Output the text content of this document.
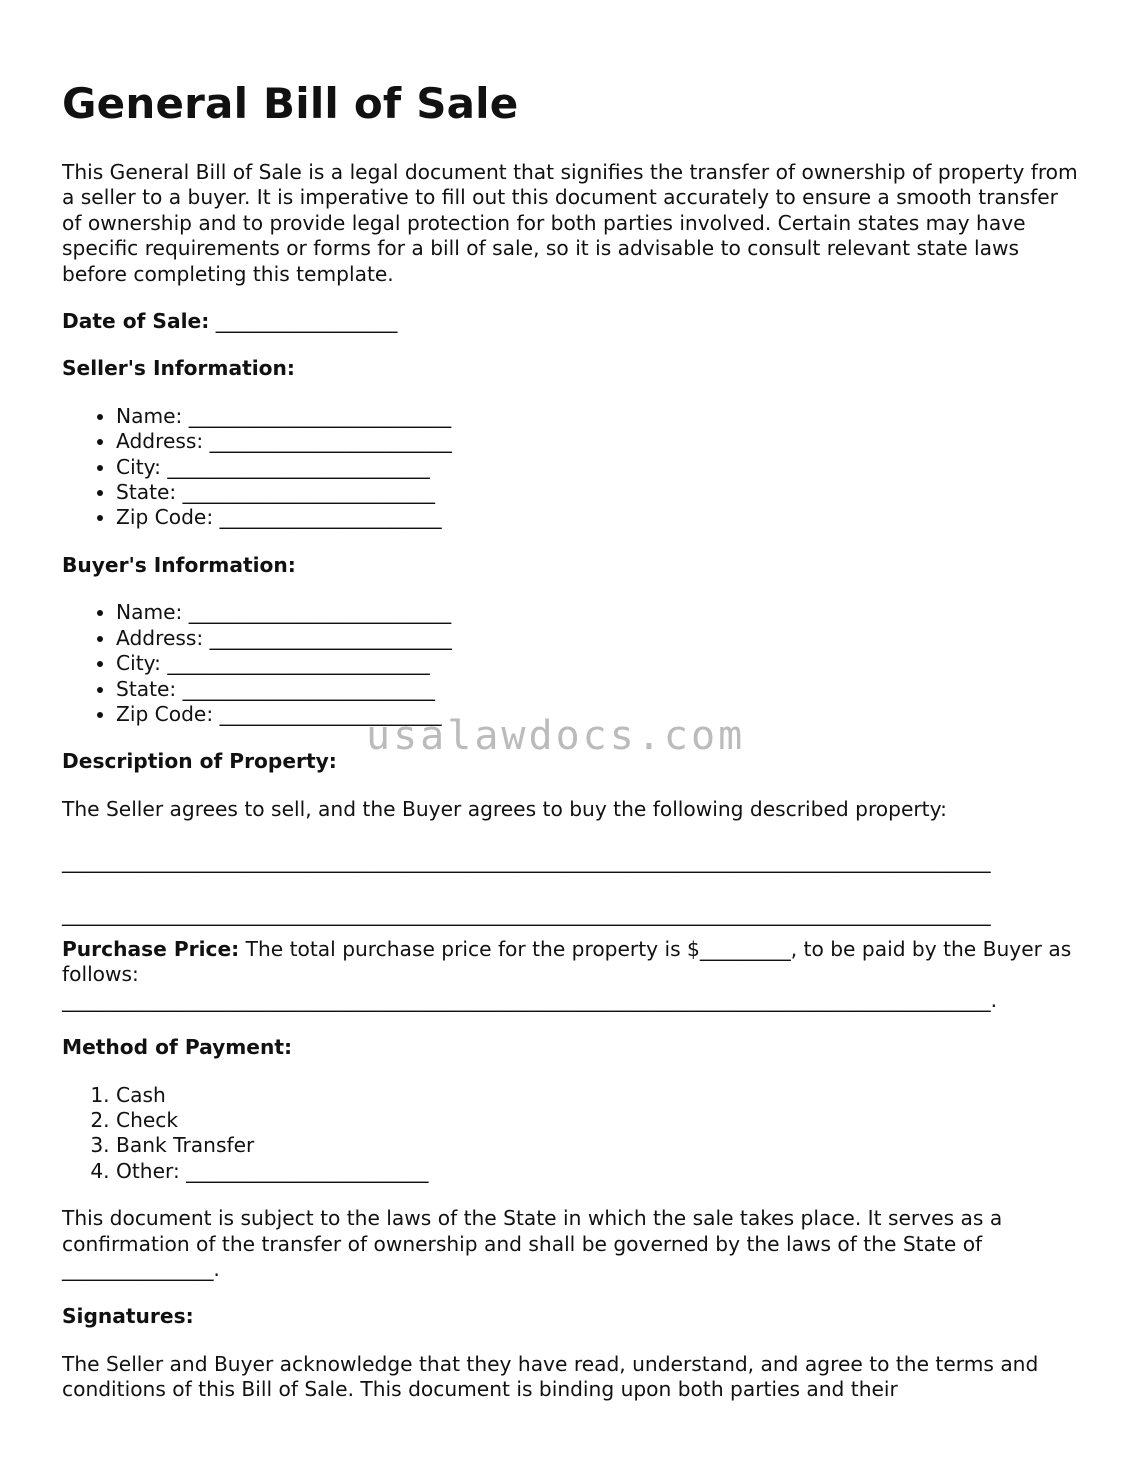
General Bill of Sale

This General Bill of Sale is a legal document that signifies the transfer of ownership of property from a seller to a buyer. It is imperative to fill out this document accurately to ensure a smooth transfer of ownership and to provide legal protection for both parties involved. Certain states may have specific requirements or forms for a bill of sale, so it is advisable to consult relevant state laws before completing this template.

Date of Sale: __________________

Seller's Information:

• Name: __________________________
• Address: ________________________
• City: __________________________
• State: _________________________
• Zip Code: ______________________

Buyer's Information:

• Name: __________________________
• Address: ________________________
• City: __________________________
• State: _________________________
• Zip Code: ______________________

Description of Property:

The Seller agrees to sell, and the Buyer agrees to buy the following described property:

____________________________________________________________________________________________
____________________________________________________________________________________________

Purchase Price: The total purchase price for the property is $_________, to be paid by the Buyer as follows:

____________________________________________________________________________________________.

Method of Payment:

1. Cash
2. Check
3. Bank Transfer
4. Other: ________________________

This document is subject to the laws of the State in which the sale takes place. It serves as a confirmation of the transfer of ownership and shall be governed by the laws of the State of _______________.

Signatures:

The Seller and Buyer acknowledge that they have read, understand, and agree to the terms and conditions of this Bill of Sale. This document is binding upon both parties and their

usalawdocs.com
